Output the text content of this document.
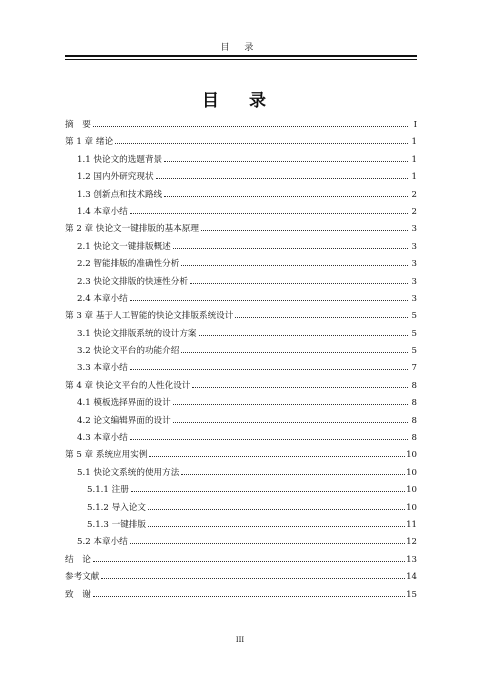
目 录
目 录
摘　要	I
第 1 章 绪论	1
1.1 快论文的选题背景	1
1.2 国内外研究现状	1
1.3 创新点和技术路线	2
1.4 本章小结	2
第 2 章 快论文一键排版的基本原理	3
2.1 快论文一键排版概述	3
2.2 智能排版的准确性分析	3
2.3 快论文排版的快速性分析	3
2.4 本章小结	3
第 3 章 基于人工智能的快论文排版系统设计	5
3.1 快论文排版系统的设计方案	5
3.2 快论文平台的功能介绍	5
3.3 本章小结	7
第 4 章 快论文平台的人性化设计	8
4.1 模板选择界面的设计	8
4.2 论文编辑界面的设计	8
4.3 本章小结	8
第 5 章 系统应用实例	10
5.1 快论文系统的使用方法	10
5.1.1 注册	10
5.1.2 导入论文	10
5.1.3 一键排版	11
5.2 本章小结	12
结　论	13
参考文献	14
致　谢	15
III
